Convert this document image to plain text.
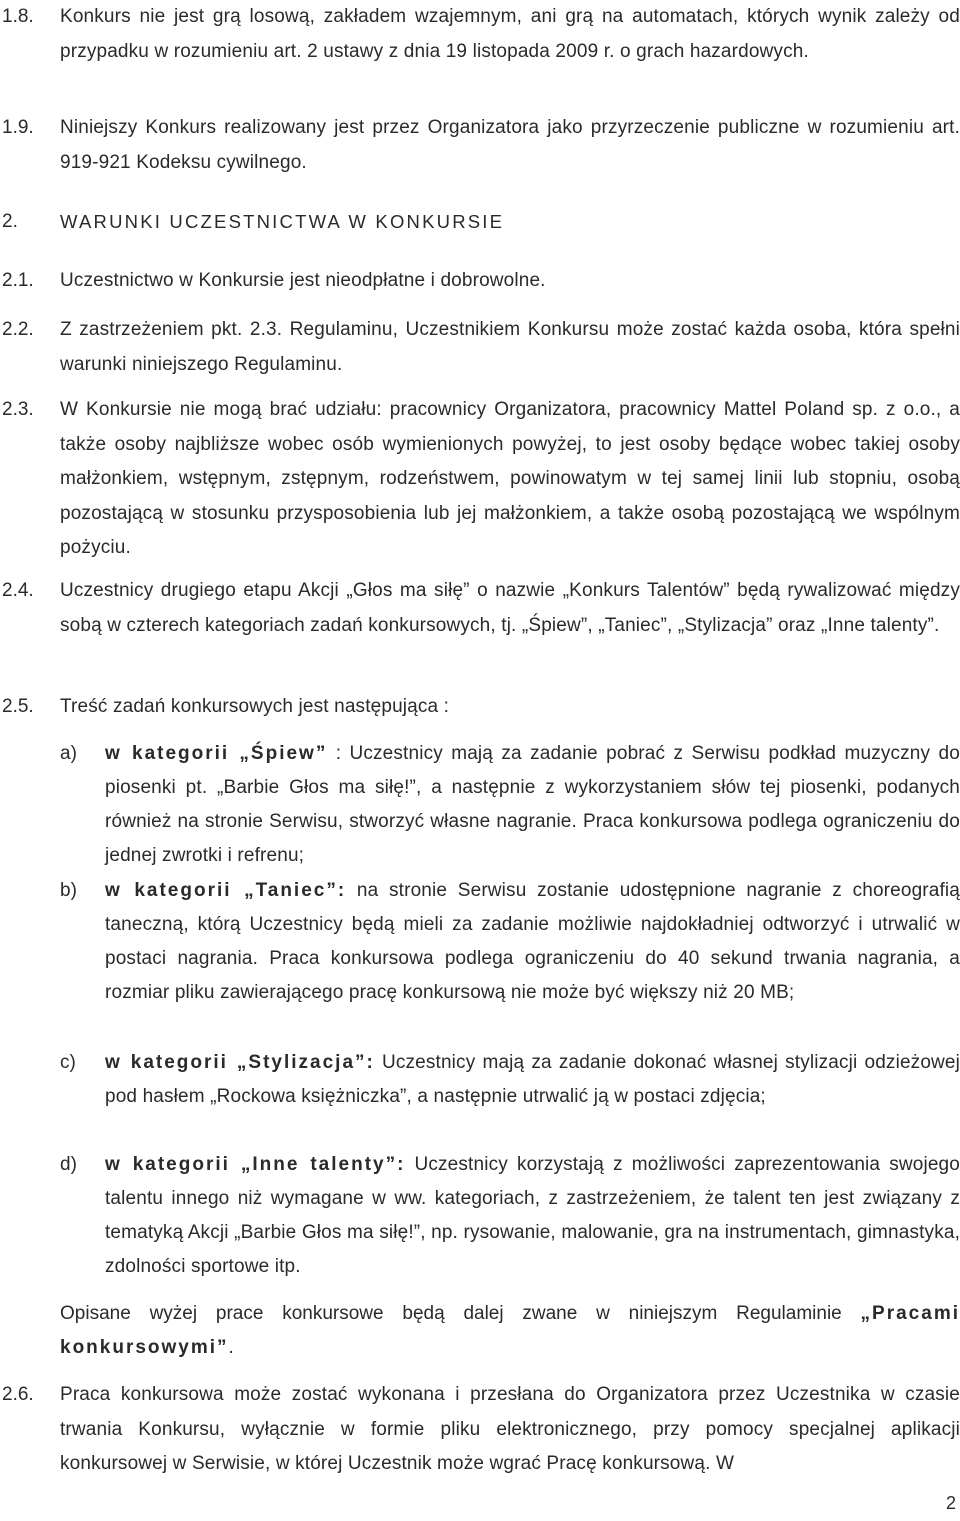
1.8. Konkurs nie jest grą losową, zakładem wzajemnym, ani grą na automatach, których wynik zależy od przypadku w rozumieniu art. 2 ustawy z dnia 19 listopada 2009 r. o grach hazardowych.
1.9. Niniejszy Konkurs realizowany jest przez Organizatora jako przyrzeczenie publiczne w rozumieniu art. 919-921 Kodeksu cywilnego.
2. WARUNKI UCZESTNICTWA W KONKURSIE
2.1. Uczestnictwo w Konkursie jest nieodpłatne i dobrowolne.
2.2. Z zastrzeżeniem pkt. 2.3. Regulaminu, Uczestnikiem Konkursu może zostać każda osoba, która spełni warunki niniejszego Regulaminu.
2.3. W Konkursie nie mogą brać udziału: pracownicy Organizatora, pracownicy Mattel Poland sp. z o.o., a także osoby najbliższe wobec osób wymienionych powyżej, to jest osoby będące wobec takiej osoby małżonkiem, wstępnym, zstępnym, rodzeństwem, powinowatym w tej samej linii lub stopniu, osobą pozostającą w stosunku przysposobienia lub jej małżonkiem, a także osobą pozostającą we wspólnym pożyciu.
2.4. Uczestnicy drugiego etapu Akcji „Głos ma siłę” o nazwie „Konkurs Talentów” będą rywalizować między sobą w czterech kategoriach zadań konkursowych, tj. „Śpiew”, „Taniec”, „Stylizacja” oraz „Inne talenty”.
2.5. Treść zadań konkursowych jest następująca :
a) w kategorii „Śpiew” : Uczestnicy mają za zadanie pobrać z Serwisu podkład muzyczny do piosenki pt. „Barbie Głos ma siłę!”, a następnie z wykorzystaniem słów tej piosenki, podanych również na stronie Serwisu, stworzyć własne nagranie. Praca konkursowa podlega ograniczeniu do jednej zwrotki i refrenu;
b) w kategorii „Taniec”: na stronie Serwisu zostanie udostępnione nagranie z choreografią taneczną, którą Uczestnicy będą mieli za zadanie możliwie najdokładniej odtworzyć i utrwalić w postaci nagrania. Praca konkursowa podlega ograniczeniu do 40 sekund trwania nagrania, a rozmiar pliku zawierającego pracę konkursową nie może być większy niż 20 MB;
c) w kategorii „Stylizacja”: Uczestnicy mają za zadanie dokonać własnej stylizacji odzieżowej pod hasłem „Rockowa księżniczka”, a następnie utrwalić ją w postaci zdjęcia;
d) w kategorii „Inne talenty”: Uczestnicy korzystają z możliwości zaprezentowania swojego talentu innego niż wymagane w ww. kategoriach, z zastrzeżeniem, że talent ten jest związany z tematyką Akcji „Barbie Głos ma siłę!”, np. rysowanie, malowanie, gra na instrumentach, gimnastyka, zdolności sportowe itp.
Opisane wyżej prace konkursowe będą dalej zwane w niniejszym Regulaminie „Pracami konkursowymi”.
2.6. Praca konkursowa może zostać wykonana i przesłana do Organizatora przez Uczestnika w czasie trwania Konkursu, wyłącznie w formie pliku elektronicznego, przy pomocy specjalnej aplikacji konkursowej w Serwisie, w której Uczestnik może wgrać Pracę konkursową. W
2
